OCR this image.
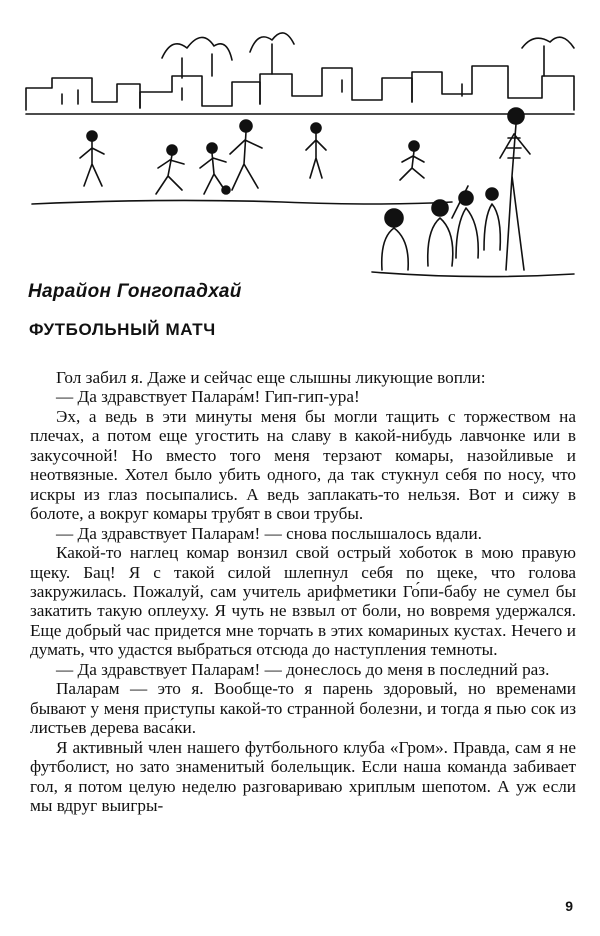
Нарайон Гонгопадхай
ФУТБОЛЬНЫЙ МАТЧ

Гол забил я. Даже и сейчас еще слышны ликующие вопли:

— Да здравствует Палара́м! Гип-гип-ура!

Эх, а ведь в эти минуты меня бы могли тащить с торжеством на плечах, а потом еще угостить на славу в какой-нибудь лавчонке или в закусочной! Но вместо того меня терзают комары, назойливые и неотвязные. Хотел было убить одного, да так стукнул себя по носу, что искры из глаз посыпались. А ведь заплакать-то нельзя. Вот и сижу в болоте, а вокруг комары трубят в свои трубы.

— Да здравствует Паларам! — снова послышалось вдали.

Какой-то наглец комар вонзил свой острый хоботок в мою правую щеку. Бац! Я с такой силой шлепнул себя по щеке, что голова закружилась. Пожалуй, сам учитель арифметики Го́пи-бабу не сумел бы закатить такую оплеуху. Я чуть не взвыл от боли, но вовремя удержался. Еще добрый час придется мне торчать в этих комариных кустах. Нечего и думать, что удастся выбраться отсюда до наступления темноты.

— Да здравствует Паларам! — донеслось до меня в последний раз.

Паларам — это я. Вообще-то я парень здоровый, но временами бывают у меня приступы какой-то странной болезни, и тогда я пью сок из листьев дерева васа́ки.

Я активный член нашего футбольного клуба «Гром». Правда, сам я не футболист, но зато знаменитый болельщик. Если наша команда забивает гол, я потом целую неделю разговариваю хриплым шепотом. А уж если мы вдруг выигры-

9
